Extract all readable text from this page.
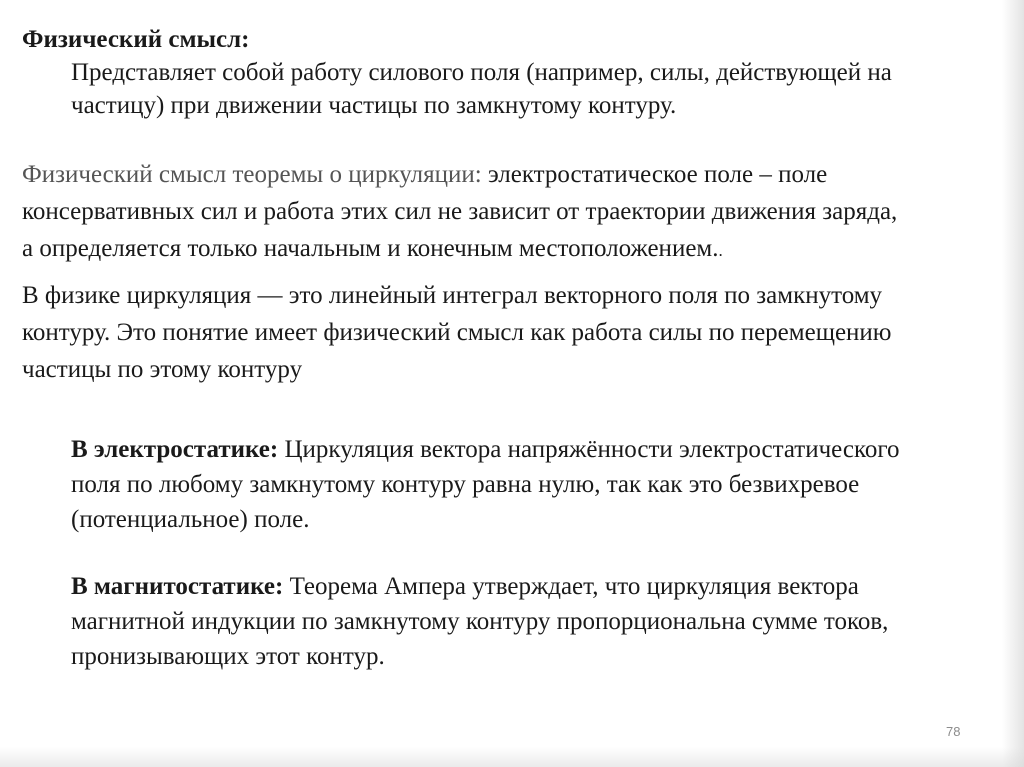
Физический смысл:
Представляет собой работу силового поля (например, силы, действующей на
частицу) при движении частицы по замкнутому контуру.
Физический смысл теоремы о циркуляции: электростатическое поле – поле
консервативных сил и работа этих сил не зависит от траектории движения заряда,
а определяется только начальным и конечным местоположением..
В физике циркуляция — это линейный интеграл векторного поля по замкнутому
контуру. Это понятие имеет физический смысл как работа силы по перемещению
частицы по этому контуру
В электростатике: Циркуляция вектора напряжённости электростатического
поля по любому замкнутому контуру равна нулю, так как это безвихревое
(потенциальное) поле.
В магнитостатике: Теорема Ампера утверждает, что циркуляция вектора
магнитной индукции по замкнутому контуру пропорциональна сумме токов,
пронизывающих этот контур.
78
